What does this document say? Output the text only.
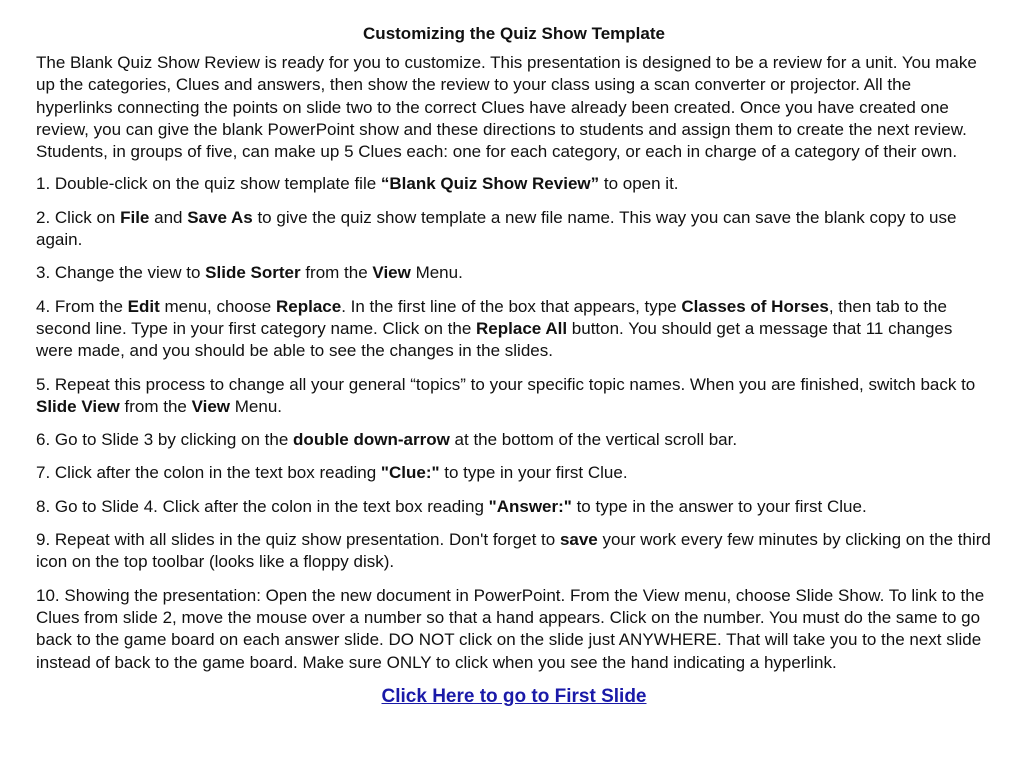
Customizing the Quiz Show Template

The Blank Quiz Show Review is ready for you to customize. This presentation is designed to be a review for a unit. You make up the categories, Clues and answers, then show the review to your class using a scan converter or projector. All the hyperlinks connecting the points on slide two to the correct Clues have already been created. Once you have created one review, you can give the blank PowerPoint show and these directions to students and assign them to create the next review. Students, in groups of five, can make up 5 Clues each: one for each category, or each in charge of a category of their own.

1. Double-click on the quiz show template file “Blank Quiz Show Review” to open it.

2. Click on File and Save As to give the quiz show template a new file name. This way you can save the blank copy to use again.

3. Change the view to Slide Sorter from the View Menu.

4. From the Edit menu, choose Replace. In the first line of the box that appears, type Classes of Horses, then tab to the second line. Type in your first category name. Click on the Replace All button. You should get a message that 11 changes were made, and you should be able to see the changes in the slides.

5. Repeat this process to change all your general “topics” to your specific topic names. When you are finished, switch back to Slide View from the View Menu.

6. Go to Slide 3 by clicking on the double down-arrow at the bottom of the vertical scroll bar.

7. Click after the colon in the text box reading "Clue:" to type in your first Clue.

8. Go to Slide 4. Click after the colon in the text box reading "Answer:" to type in the answer to your first Clue.

9. Repeat with all slides in the quiz show presentation. Don't forget to save your work every few minutes by clicking on the third icon on the top toolbar (looks like a floppy disk).

10. Showing the presentation: Open the new document in PowerPoint. From the View menu, choose Slide Show. To link to the Clues from slide 2, move the mouse over a number so that a hand appears. Click on the number. You must do the same to go back to the game board on each answer slide. DO NOT click on the slide just ANYWHERE. That will take you to the next slide instead of back to the game board. Make sure ONLY to click when you see the hand indicating a hyperlink.

Click Here to go to First Slide
